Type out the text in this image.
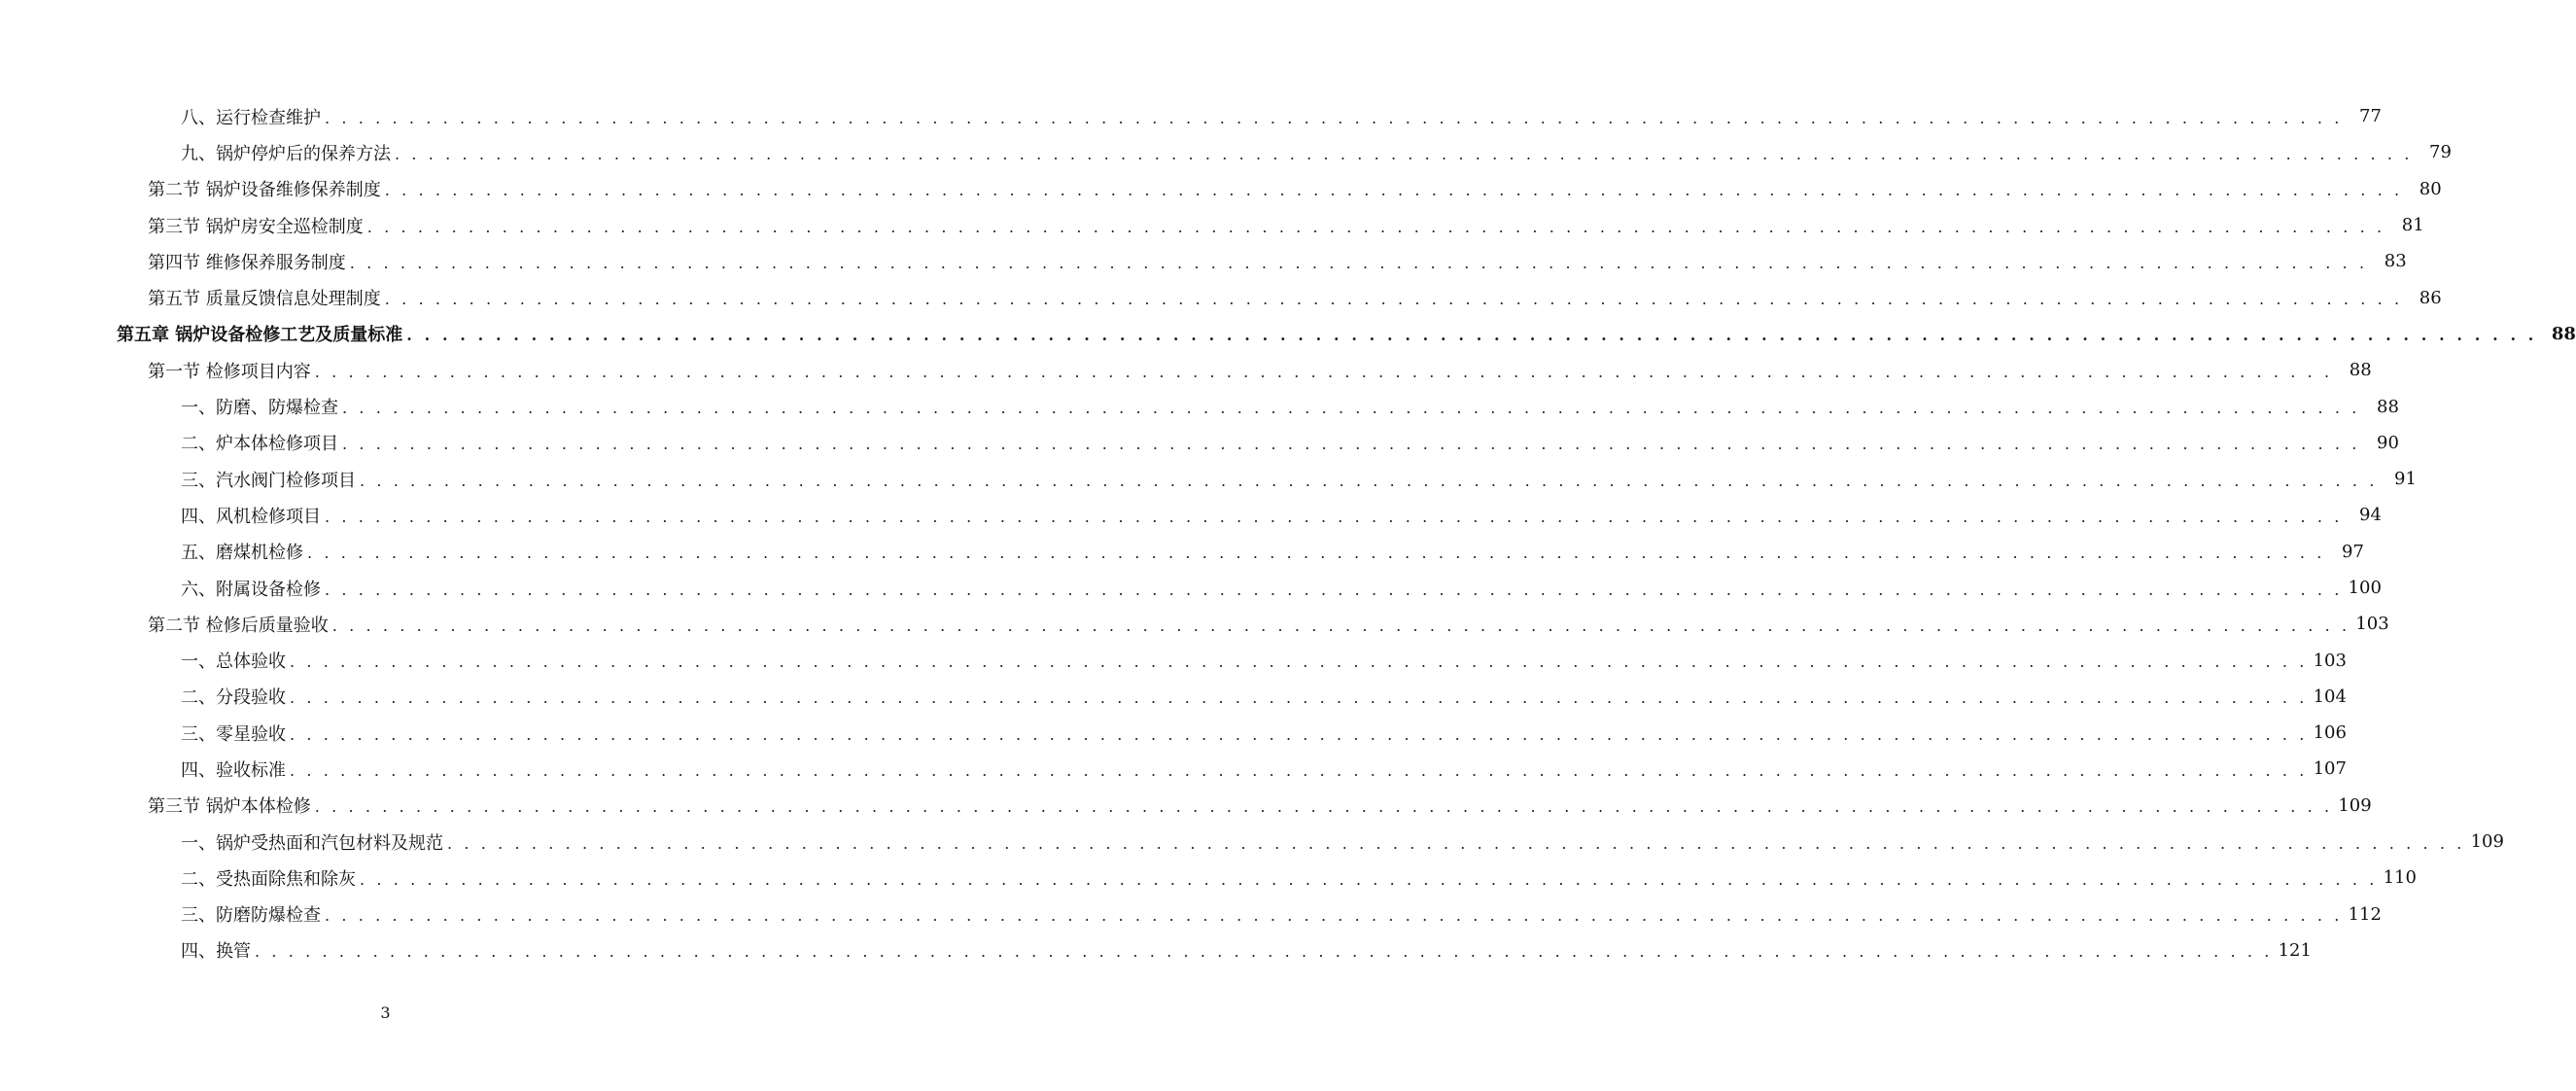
八、运行检查维护 . . . . . . . . . . . . . . . . . . . . . . . . . . . . . . . . . . . . . . . . . . . . . . . . . . . . . . . . . . . . . . . . . . . . . . . . . . . . . . . . . . . . . . . . . . . . . . . . . . . . . . . . . . . . . . . . . . . . . . . . 77
九、锅炉停炉后的保养方法 . . . . . . . . . . . . . . . . . . . . . . . . . . . . . . . . . . . . . . . . . . . . . . . . . . . . . . . . . . . . . . . . . . . . . . . . . . . . . . . . . . . . . . . . . . . . . . . . . . . . . . . . . . . . . . . . . . . . . . . . 79
第二节 锅炉设备维修保养制度 . . . . . . . . . . . . . . . . . . . . . . . . . . . . . . . . . . . . . . . . . . . . . . . . . . . . . . . . . . . . . . . . . . . . . . . . . . . . . . . . . . . . . . . . . . . . . . . . . . . . . . . . . . . . . . . . . . . . . . . . 80
第三节 锅炉房安全巡检制度 . . . . . . . . . . . . . . . . . . . . . . . . . . . . . . . . . . . . . . . . . . . . . . . . . . . . . . . . . . . . . . . . . . . . . . . . . . . . . . . . . . . . . . . . . . . . . . . . . . . . . . . . . . . . . . . . . . . . . . . . 81
第四节 维修保养服务制度 . . . . . . . . . . . . . . . . . . . . . . . . . . . . . . . . . . . . . . . . . . . . . . . . . . . . . . . . . . . . . . . . . . . . . . . . . . . . . . . . . . . . . . . . . . . . . . . . . . . . . . . . . . . . . . . . . . . . . . . . 83
第五节 质量反馈信息处理制度 . . . . . . . . . . . . . . . . . . . . . . . . . . . . . . . . . . . . . . . . . . . . . . . . . . . . . . . . . . . . . . . . . . . . . . . . . . . . . . . . . . . . . . . . . . . . . . . . . . . . . . . . . . . . . . . . . . . . . . . . 86
第五章 锅炉设备检修工艺及质量标准 . . . . . . . . . . . . . . . . . . . . . . . . . . . . . . . . . . . . . . . . . . . . . . . . . . . . . . . . . . . . . . . . . . . . . . . . . . . . . . . . . . . . . . . . . . . . . . . . . . . . . . . . . . . . . . . . . . . . . . . . 88
第一节 检修项目内容 . . . . . . . . . . . . . . . . . . . . . . . . . . . . . . . . . . . . . . . . . . . . . . . . . . . . . . . . . . . . . . . . . . . . . . . . . . . . . . . . . . . . . . . . . . . . . . . . . . . . . . . . . . . . . . . . . . . . . . . . 88
一、防磨、防爆检查 . . . . . . . . . . . . . . . . . . . . . . . . . . . . . . . . . . . . . . . . . . . . . . . . . . . . . . . . . . . . . . . . . . . . . . . . . . . . . . . . . . . . . . . . . . . . . . . . . . . . . . . . . . . . . . . . . . . . . . . . 88
二、炉本体检修项目 . . . . . . . . . . . . . . . . . . . . . . . . . . . . . . . . . . . . . . . . . . . . . . . . . . . . . . . . . . . . . . . . . . . . . . . . . . . . . . . . . . . . . . . . . . . . . . . . . . . . . . . . . . . . . . . . . . . . . . . . 90
三、汽水阀门检修项目 . . . . . . . . . . . . . . . . . . . . . . . . . . . . . . . . . . . . . . . . . . . . . . . . . . . . . . . . . . . . . . . . . . . . . . . . . . . . . . . . . . . . . . . . . . . . . . . . . . . . . . . . . . . . . . . . . . . . . . . . 91
四、风机检修项目 . . . . . . . . . . . . . . . . . . . . . . . . . . . . . . . . . . . . . . . . . . . . . . . . . . . . . . . . . . . . . . . . . . . . . . . . . . . . . . . . . . . . . . . . . . . . . . . . . . . . . . . . . . . . . . . . . . . . . . . . 94
五、磨煤机检修 . . . . . . . . . . . . . . . . . . . . . . . . . . . . . . . . . . . . . . . . . . . . . . . . . . . . . . . . . . . . . . . . . . . . . . . . . . . . . . . . . . . . . . . . . . . . . . . . . . . . . . . . . . . . . . . . . . . . . . . . 97
六、附属设备检修 . . . . . . . . . . . . . . . . . . . . . . . . . . . . . . . . . . . . . . . . . . . . . . . . . . . . . . . . . . . . . . . . . . . . . . . . . . . . . . . . . . . . . . . . . . . . . . . . . . . . . . . . . . . . . . . . . . . . . . . . 100
第二节 检修后质量验收 . . . . . . . . . . . . . . . . . . . . . . . . . . . . . . . . . . . . . . . . . . . . . . . . . . . . . . . . . . . . . . . . . . . . . . . . . . . . . . . . . . . . . . . . . . . . . . . . . . . . . . . . . . . . . . . . . . . . . . . . 103
一、总体验收 . . . . . . . . . . . . . . . . . . . . . . . . . . . . . . . . . . . . . . . . . . . . . . . . . . . . . . . . . . . . . . . . . . . . . . . . . . . . . . . . . . . . . . . . . . . . . . . . . . . . . . . . . . . . . . . . . . . . . . . . 103
二、分段验收 . . . . . . . . . . . . . . . . . . . . . . . . . . . . . . . . . . . . . . . . . . . . . . . . . . . . . . . . . . . . . . . . . . . . . . . . . . . . . . . . . . . . . . . . . . . . . . . . . . . . . . . . . . . . . . . . . . . . . . . . 104
三、零星验收 . . . . . . . . . . . . . . . . . . . . . . . . . . . . . . . . . . . . . . . . . . . . . . . . . . . . . . . . . . . . . . . . . . . . . . . . . . . . . . . . . . . . . . . . . . . . . . . . . . . . . . . . . . . . . . . . . . . . . . . . 106
四、验收标准 . . . . . . . . . . . . . . . . . . . . . . . . . . . . . . . . . . . . . . . . . . . . . . . . . . . . . . . . . . . . . . . . . . . . . . . . . . . . . . . . . . . . . . . . . . . . . . . . . . . . . . . . . . . . . . . . . . . . . . . . 107
第三节 锅炉本体检修 . . . . . . . . . . . . . . . . . . . . . . . . . . . . . . . . . . . . . . . . . . . . . . . . . . . . . . . . . . . . . . . . . . . . . . . . . . . . . . . . . . . . . . . . . . . . . . . . . . . . . . . . . . . . . . . . . . . . . . . . 109
一、锅炉受热面和汽包材料及规范 . . . . . . . . . . . . . . . . . . . . . . . . . . . . . . . . . . . . . . . . . . . . . . . . . . . . . . . . . . . . . . . . . . . . . . . . . . . . . . . . . . . . . . . . . . . . . . . . . . . . . . . . . . . . . . . . . . . . . . . . 109
二、受热面除焦和除灰 . . . . . . . . . . . . . . . . . . . . . . . . . . . . . . . . . . . . . . . . . . . . . . . . . . . . . . . . . . . . . . . . . . . . . . . . . . . . . . . . . . . . . . . . . . . . . . . . . . . . . . . . . . . . . . . . . . . . . . . . 110
三、防磨防爆检查 . . . . . . . . . . . . . . . . . . . . . . . . . . . . . . . . . . . . . . . . . . . . . . . . . . . . . . . . . . . . . . . . . . . . . . . . . . . . . . . . . . . . . . . . . . . . . . . . . . . . . . . . . . . . . . . . . . . . . . . . 112
四、换管 . . . . . . . . . . . . . . . . . . . . . . . . . . . . . . . . . . . . . . . . . . . . . . . . . . . . . . . . . . . . . . . . . . . . . . . . . . . . . . . . . . . . . . . . . . . . . . . . . . . . . . . . . . . . . . . . . . . . . . . . 121
3
